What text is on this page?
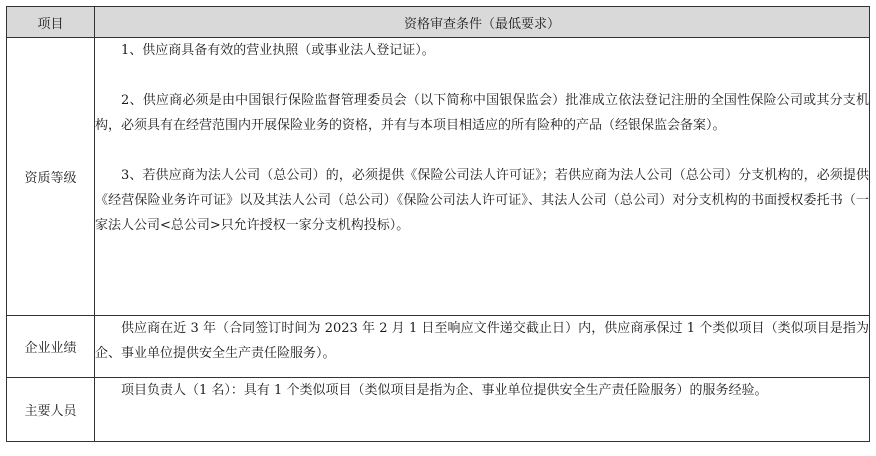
项目	资格审查条件（最低要求）
资质等级	1、供应商具备有效的营业执照（或事业法人登记证）。

2、供应商必须是由中国银行保险监督管理委员会（以下简称中国银保监会）批准成立依法登记注册的全国性保险公司或其分支机构，必须具有在经营范围内开展保险业务的资格，并有与本项目相适应的所有险种的产品（经银保监会备案）。

3、若供应商为法人公司（总公司）的，必须提供《保险公司法人许可证》；若供应商为法人公司（总公司）分支机构的，必须提供《经营保险业务许可证》以及其法人公司（总公司）《保险公司法人许可证》、其法人公司（总公司）对分支机构的书面授权委托书（一家法人公司<总公司>只允许授权一家分支机构投标）。

企业业绩	供应商在近 3 年（合同签订时间为 2023 年 2 月 1 日至响应文件递交截止日）内，供应商承保过 1 个类似项目（类似项目是指为企、事业单位提供安全生产责任险服务）。

主要人员	项目负责人（1 名）：具有 1 个类似项目（类似项目是指为企、事业单位提供安全生产责任险服务）的服务经验。
